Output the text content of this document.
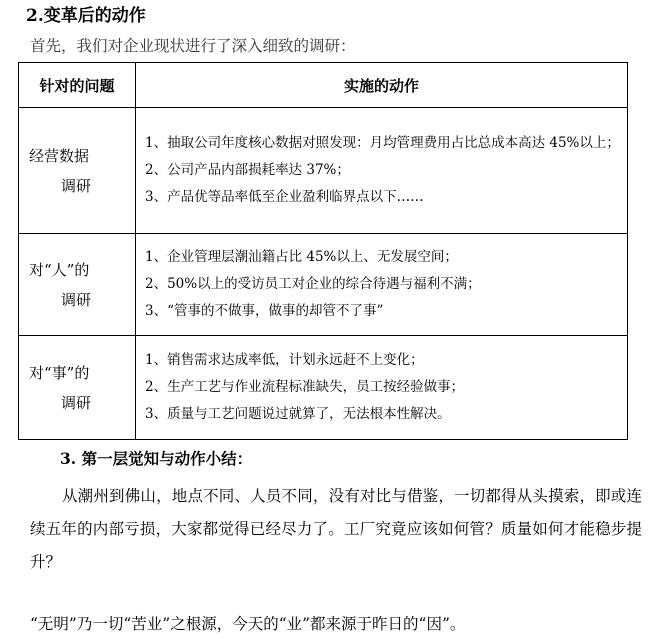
2.变革后的动作
首先，我们对企业现状进行了深入细致的调研：
针对的问题	实施的动作
经营数据
调研	1、抽取公司年度核心数据对照发现：月均管理费用占比总成本高达 45%以上；
2、公司产品内部损耗率达 37%；
3、产品优等品率低至企业盈利临界点以下……

对“人”的
调研	1、企业管理层潮汕籍占比 45%以上、无发展空间；
2、50%以上的受访员工对企业的综合待遇与福利不满；
3、“管事的不做事，做事的却管不了事”

对“事”的
调研	1、销售需求达成率低，计划永远赶不上变化；
2、生产工艺与作业流程标准缺失，员工按经验做事；
3、质量与工艺问题说过就算了，无法根本性解决。
3. 第一层觉知与动作小结：
从潮州到佛山，地点不同、人员不同，没有对比与借鉴，一切都得从头摸索，即或连续五年的内部亏损，大家都觉得已经尽力了。工厂究竟应该如何管？质量如何才能稳步提升？
“无明”乃一切“苦业”之根源，今天的“业”都来源于昨日的“因”。
